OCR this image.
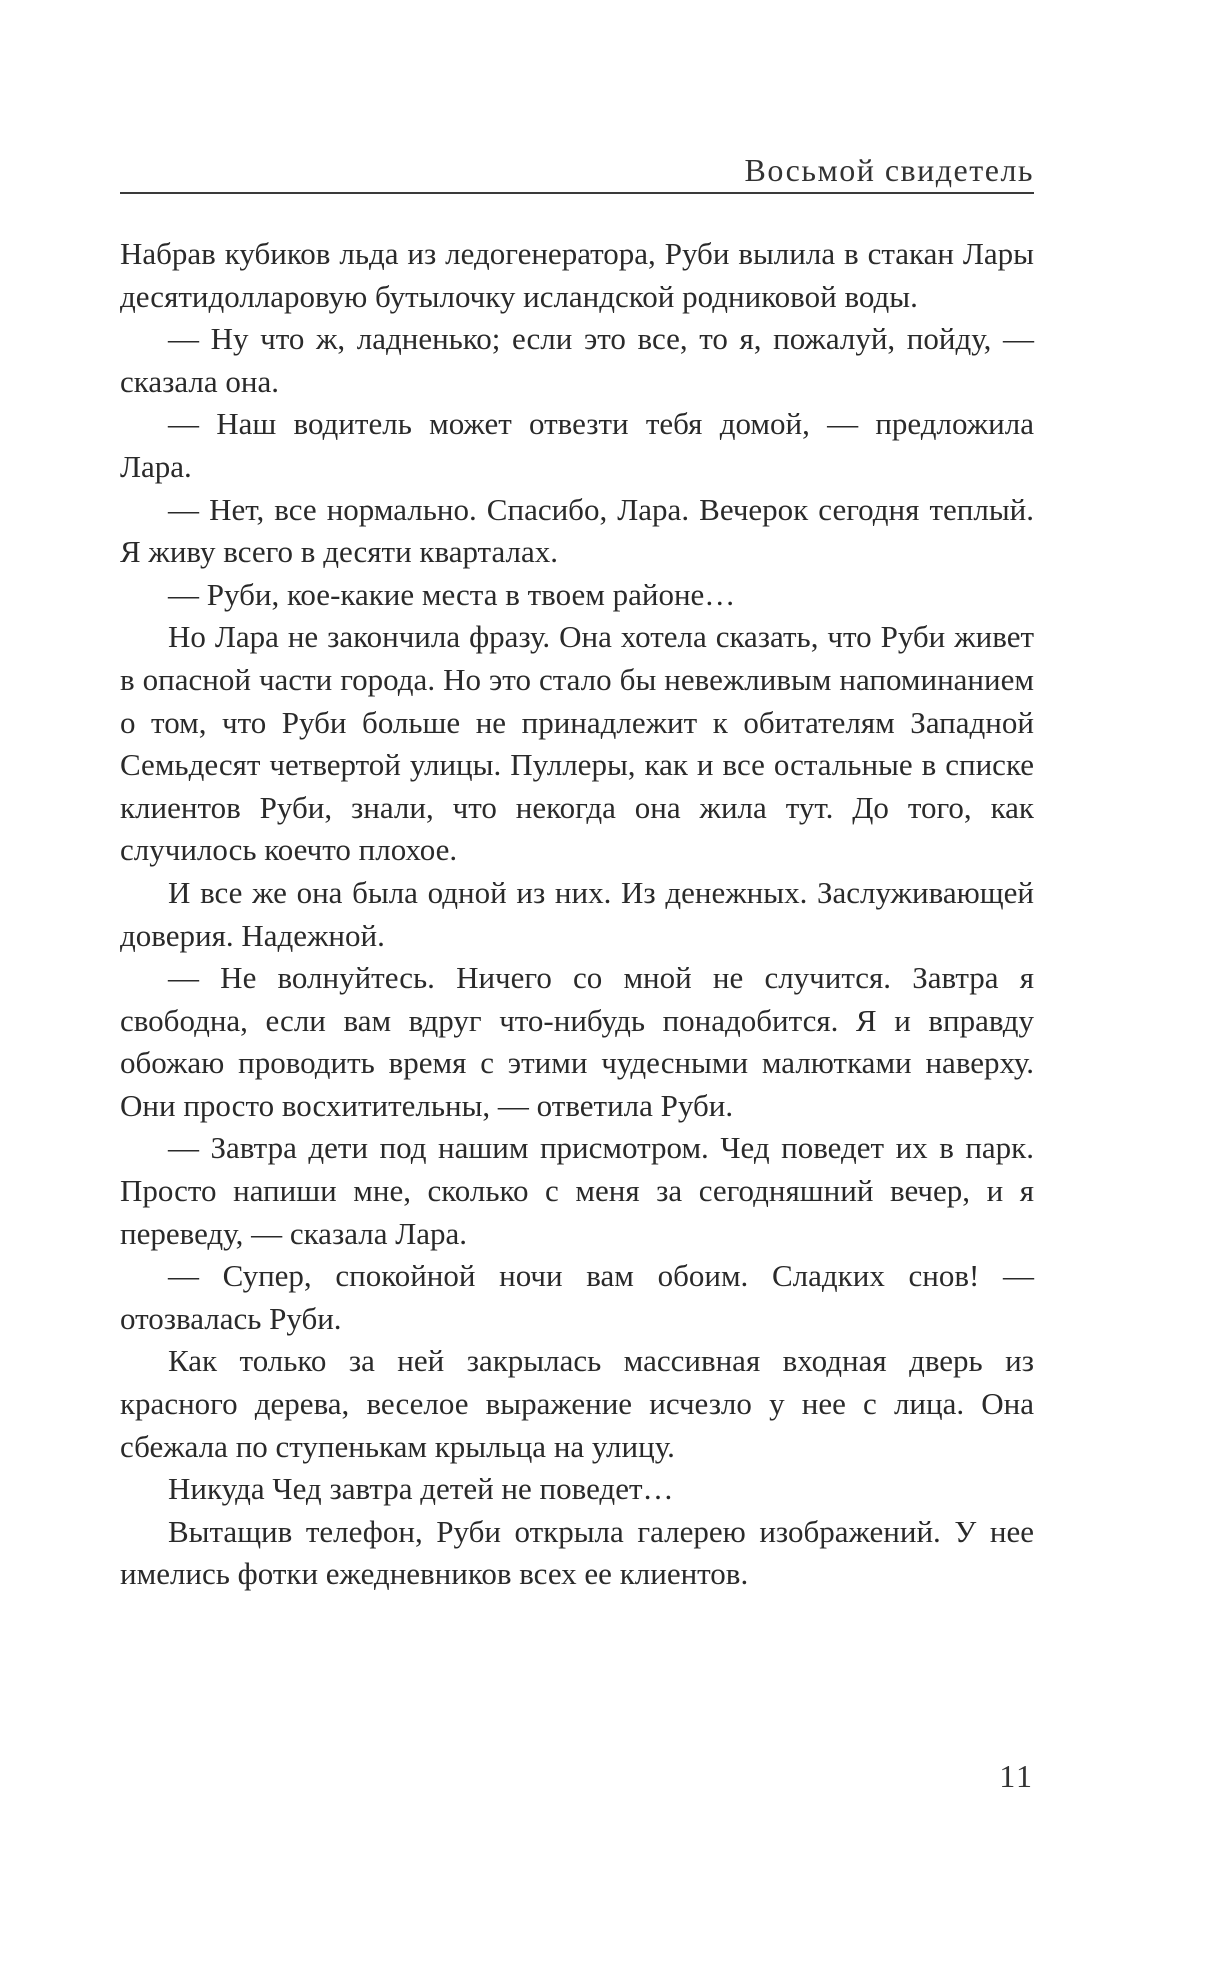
Восьмой свидетель

Набрав кубиков льда из ледогенератора, Руби вылила в стакан Лары десятидолларовую бутылочку исландской родниковой воды.

— Ну что ж, ладненько; если это все, то я, пожалуй, пойду, — сказала она.

— Наш водитель может отвезти тебя домой, — предложила Лара.

— Нет, все нормально. Спасибо, Лара. Вечерок сегодня теплый. Я живу всего в десяти кварталах.

— Руби, кое-какие места в твоем районе…

Но Лара не закончила фразу. Она хотела сказать, что Руби живет в опасной части города. Но это стало бы невежливым напоминанием о том, что Руби больше не принадлежит к обитателям Западной Семьдесят четвертой улицы. Пуллеры, как и все остальные в списке клиентов Руби, знали, что некогда она жила тут. До того, как случилось коечто плохое.

И все же она была одной из них. Из денежных. Заслуживающей доверия. Надежной.

— Не волнуйтесь. Ничего со мной не случится. Завтра я свободна, если вам вдруг что-нибудь понадобится. Я и вправду обожаю проводить время с этими чудесными малютками наверху. Они просто восхитительны, — ответила Руби.

— Завтра дети под нашим присмотром. Чед поведет их в парк. Просто напиши мне, сколько с меня за сегодняшний вечер, и я переведу, — сказала Лара.

— Супер, спокойной ночи вам обоим. Сладких снов! — отозвалась Руби.

Как только за ней закрылась массивная входная дверь из красного дерева, веселое выражение исчезло у нее с лица. Она сбежала по ступенькам крыльца на улицу.

Никуда Чед завтра детей не поведет…

Вытащив телефон, Руби открыла галерею изображений. У нее имелись фотки ежедневников всех ее клиентов.

11
